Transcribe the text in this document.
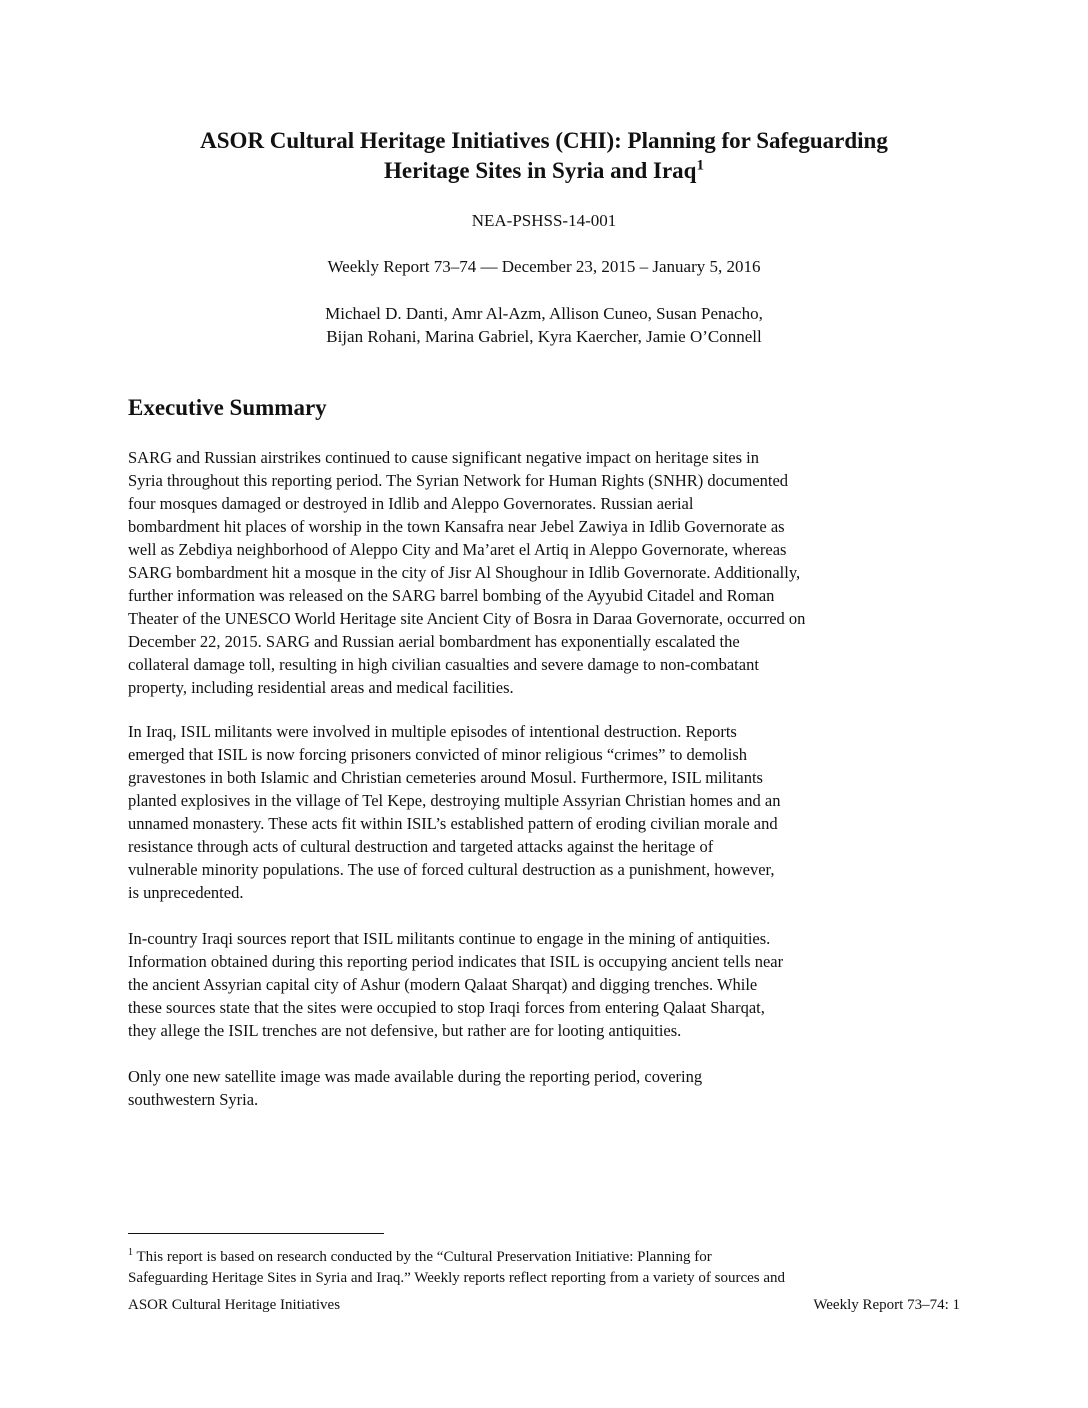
ASOR Cultural Heritage Initiatives (CHI): Planning for Safeguarding
Heritage Sites in Syria and Iraq$^1$

NEA-PSHSS-14-001

Weekly Report 73–74 — December 23, 2015 – January 5, 2016

Michael D. Danti, Amr Al-Azm, Allison Cuneo, Susan Penacho,
Bijan Rohani, Marina Gabriel, Kyra Kaercher, Jamie O’Connell

Executive Summary

SARG and Russian airstrikes continued to cause significant negative impact on heritage sites in
Syria throughout this reporting period. The Syrian Network for Human Rights (SNHR) documented
four mosques damaged or destroyed in Idlib and Aleppo Governorates. Russian aerial
bombardment hit places of worship in the town Kansafra near Jebel Zawiya in Idlib Governorate as
well as Zebdiya neighborhood of Aleppo City and Ma’aret el Artiq in Aleppo Governorate, whereas
SARG bombardment hit a mosque in the city of Jisr Al Shoughour in Idlib Governorate. Additionally,
further information was released on the SARG barrel bombing of the Ayyubid Citadel and Roman
Theater of the UNESCO World Heritage site Ancient City of Bosra in Daraa Governorate, occurred on
December 22, 2015. SARG and Russian aerial bombardment has exponentially escalated the
collateral damage toll, resulting in high civilian casualties and severe damage to non-combatant
property, including residential areas and medical facilities.

In Iraq, ISIL militants were involved in multiple episodes of intentional destruction. Reports
emerged that ISIL is now forcing prisoners convicted of minor religious “crimes” to demolish
gravestones in both Islamic and Christian cemeteries around Mosul. Furthermore, ISIL militants
planted explosives in the village of Tel Kepe, destroying multiple Assyrian Christian homes and an
unnamed monastery. These acts fit within ISIL’s established pattern of eroding civilian morale and
resistance through acts of cultural destruction and targeted attacks against the heritage of
vulnerable minority populations. The use of forced cultural destruction as a punishment, however,
is unprecedented.

In-country Iraqi sources report that ISIL militants continue to engage in the mining of antiquities.
Information obtained during this reporting period indicates that ISIL is occupying ancient tells near
the ancient Assyrian capital city of Ashur (modern Qalaat Sharqat) and digging trenches. While
these sources state that the sites were occupied to stop Iraqi forces from entering Qalaat Sharqat,
they allege the ISIL trenches are not defensive, but rather are for looting antiquities.

Only one new satellite image was made available during the reporting period, covering
southwestern Syria.

$^1$ This report is based on research conducted by the “Cultural Preservation Initiative: Planning for
Safeguarding Heritage Sites in Syria and Iraq.” Weekly reports reflect reporting from a variety of sources and

ASOR Cultural Heritage Initiatives	Weekly Report 73–74: 1
